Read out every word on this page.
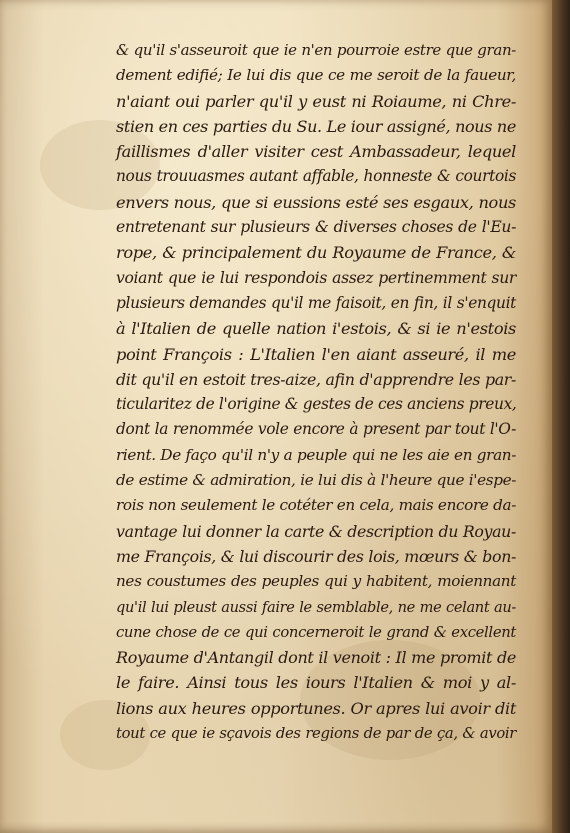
& qu'il s'asseuroit que ie n'en pourroie estre que gran-
dement edifié; Ie lui dis que ce me seroit de la faueur,
n'aiant oui parler qu'il y eust ni Roiaume, ni Chre-
stien en ces parties du Su. Le iour assigné, nous ne
faillismes d'aller visiter cest Ambassadeur, lequel
nous trouuasmes autant affable, honneste & courtois
envers nous, que si eussions esté ses esgaux, nous
entretenant sur plusieurs & diverses choses de l'Eu-
rope, & principalement du Royaume de France, &
voiant que ie lui respondois assez pertinemment sur
plusieurs demandes qu'il me faisoit, en fin, il s'enquit
à l'Italien de quelle nation i'estois, & si ie n'estois
point François : L'Italien l'en aiant asseuré, il me
dit qu'il en estoit tres-aize, afin d'apprendre les par-
ticularitez de l'origine & gestes de ces anciens preux,
dont la renommée vole encore à present par tout l'O-
rient. De faço qu'il n'y a peuple qui ne les aie en gran-
de estime & admiration, ie lui dis à l'heure que i'espe-
rois non seulement le cotéter en cela, mais encore da-
vantage lui donner la carte & description du Royau-
me François, & lui discourir des lois, mœurs & bon-
nes coustumes des peuples qui y habitent, moiennant
qu'il lui pleust aussi faire le semblable, ne me celant au-
cune chose de ce qui concerneroit le grand & excellent
Royaume d'Antangil dont il venoit : Il me promit de
le faire. Ainsi tous les iours l'Italien & moi y al-
lions aux heures opportunes. Or apres lui avoir dit
tout ce que ie sçavois des regions de par de ça, & avoir
